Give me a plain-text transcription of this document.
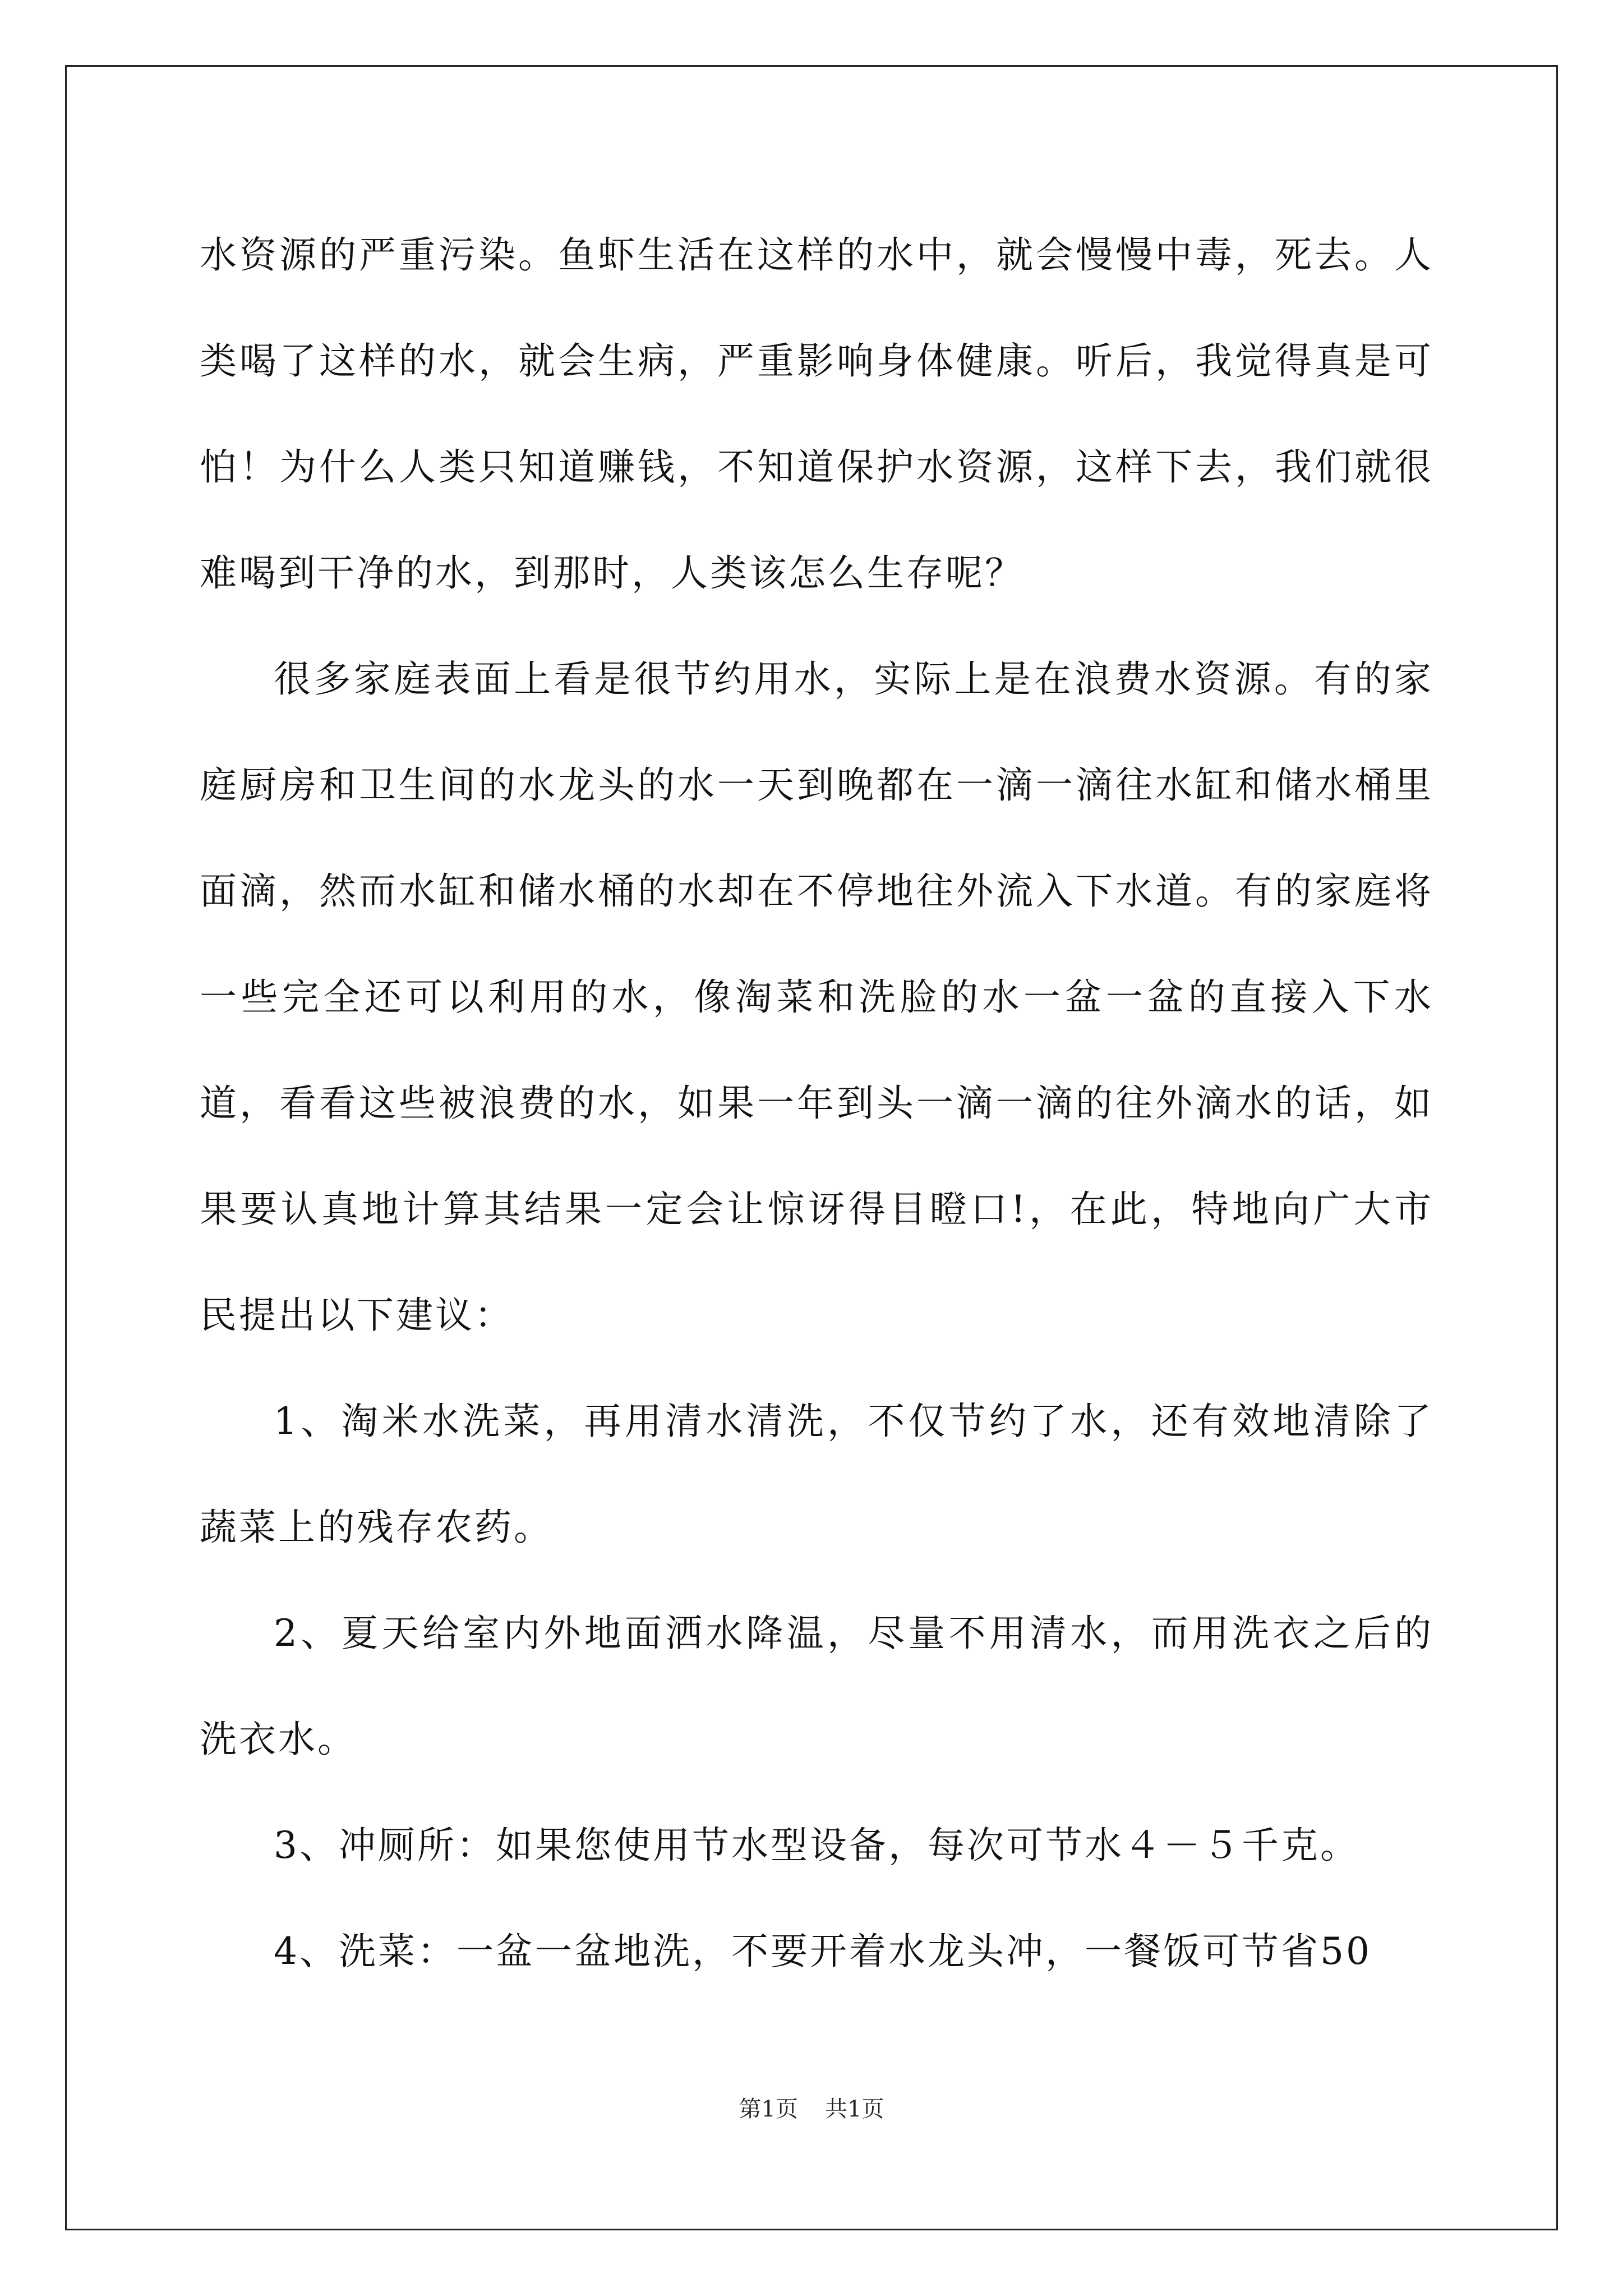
水资源的严重污染。鱼虾生活在这样的水中，就会慢慢中毒，死去。人类喝了这样的水，就会生病，严重影响身体健康。听后，我觉得真是可怕！为什么人类只知道赚钱，不知道保护水资源，这样下去，我们就很难喝到干净的水，到那时，人类该怎么生存呢？

很多家庭表面上看是很节约用水，实际上是在浪费水资源。有的家庭厨房和卫生间的水龙头的水一天到晚都在一滴一滴往水缸和储水桶里面滴，然而水缸和储水桶的水却在不停地往外流入下水道。有的家庭将一些完全还可以利用的水，像淘菜和洗脸的水一盆一盆的直接入下水道，看看这些被浪费的水，如果一年到头一滴一滴的往外滴水的话，如果要认真地计算其结果一定会让惊讶得目瞪口!，在此，特地向广大市民提出以下建议：

1、淘米水洗菜，再用清水清洗，不仅节约了水，还有效地清除了蔬菜上的残存农药。

2、夏天给室内外地面洒水降温，尽量不用清水，而用洗衣之后的洗衣水。

3、冲厕所：如果您使用节水型设备，每次可节水４－５千克。

4、洗菜：一盆一盆地洗，不要开着水龙头冲，一餐饭可节省50

第1页 共1页
